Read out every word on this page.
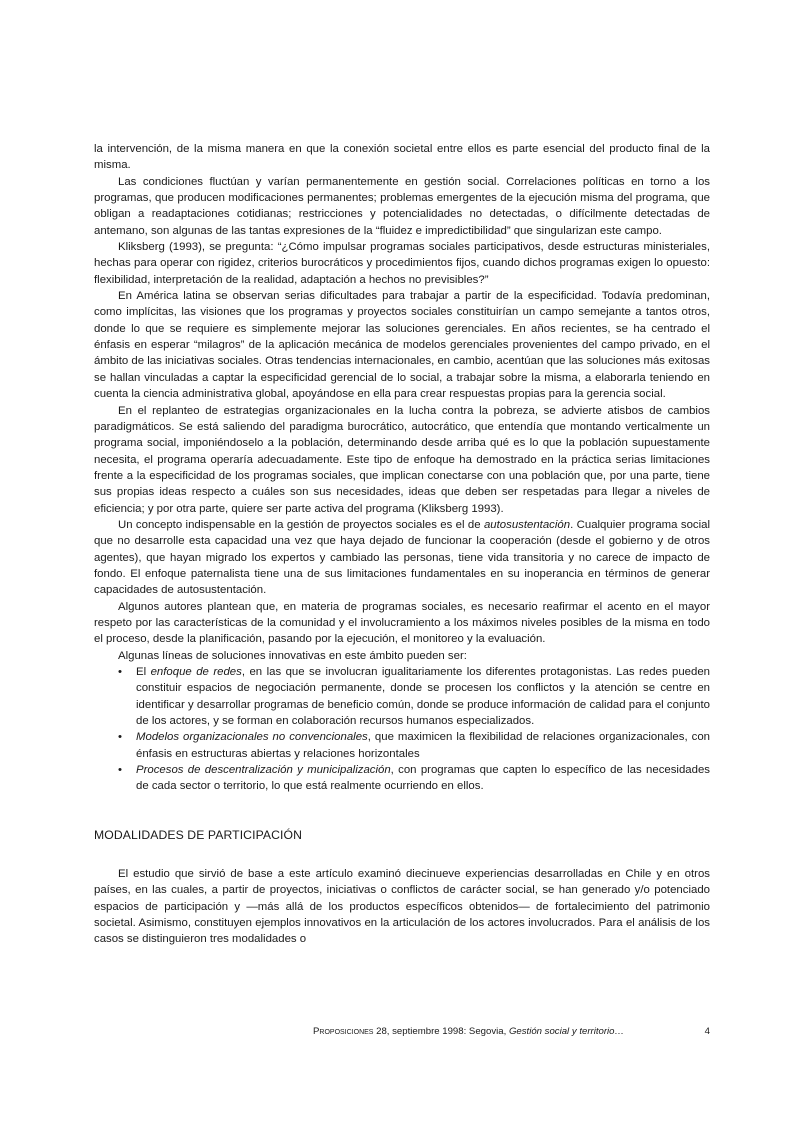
la intervención, de la misma manera en que la conexión societal entre ellos es parte esencial del producto final de la misma.

Las condiciones fluctúan y varían permanentemente en gestión social. Correlaciones políticas en torno a los programas, que producen modificaciones permanentes; problemas emergentes de la ejecución misma del programa, que obligan a readaptaciones cotidianas; restricciones y potencialidades no detectadas, o difícilmente detectadas de antemano, son algunas de las tantas expresiones de la “fluidez e impredictibilidad” que singularizan este campo.

Kliksberg (1993), se pregunta: “¿Cómo impulsar programas sociales participativos, desde estructuras ministeriales, hechas para operar con rigidez, criterios burocráticos y procedimientos fijos, cuando dichos programas exigen lo opuesto: flexibilidad, interpretación de la realidad, adaptación a hechos no previsibles?”

En América latina se observan serias dificultades para trabajar a partir de la especificidad. Todavía predominan, como implícitas, las visiones que los programas y proyectos sociales constituirían un campo semejante a tantos otros, donde lo que se requiere es simplemente mejorar las soluciones gerenciales. En años recientes, se ha centrado el énfasis en esperar “milagros” de la aplicación mecánica de modelos gerenciales provenientes del campo privado, en el ámbito de las iniciativas sociales. Otras tendencias internacionales, en cambio, acentúan que las soluciones más exitosas se hallan vinculadas a captar la especificidad gerencial de lo social, a trabajar sobre la misma, a elaborarla teniendo en cuenta la ciencia administrativa global, apoyándose en ella para crear respuestas propias para la gerencia social.

En el replanteo de estrategias organizacionales en la lucha contra la pobreza, se advierte atisbos de cambios paradigmáticos. Se está saliendo del paradigma burocrático, autocrático, que entendía que montando verticalmente un programa social, imponiéndoselo a la población, determinando desde arriba qué es lo que la población supuestamente necesita, el programa operaría adecuadamente. Este tipo de enfoque ha demostrado en la práctica serias limitaciones frente a la especificidad de los programas sociales, que implican conectarse con una población que, por una parte, tiene sus propias ideas respecto a cuáles son sus necesidades, ideas que deben ser respetadas para llegar a niveles de eficiencia; y por otra parte, quiere ser parte activa del programa (Kliksberg 1993).

Un concepto indispensable en la gestión de proyectos sociales es el de autosustentación. Cualquier programa social que no desarrolle esta capacidad una vez que haya dejado de funcionar la cooperación (desde el gobierno y de otros agentes), que hayan migrado los expertos y cambiado las personas, tiene vida transitoria y no carece de impacto de fondo. El enfoque paternalista tiene una de sus limitaciones fundamentales en su inoperancia en términos de generar capacidades de autosustentación.

Algunos autores plantean que, en materia de programas sociales, es necesario reafirmar el acento en el mayor respeto por las características de la comunidad y el involucramiento a los máximos niveles posibles de la misma en todo el proceso, desde la planificación, pasando por la ejecución, el monitoreo y la evaluación.

Algunas líneas de soluciones innovativas en este ámbito pueden ser:

• El enfoque de redes, en las que se involucran igualitariamente los diferentes protagonistas. Las redes pueden constituir espacios de negociación permanente, donde se procesen los conflictos y la atención se centre en identificar y desarrollar programas de beneficio común, donde se produce información de calidad para el conjunto de los actores, y se forman en colaboración recursos humanos especializados.
• Modelos organizacionales no convencionales, que maximicen la flexibilidad de relaciones organizacionales, con énfasis en estructuras abiertas y relaciones horizontales
• Procesos de descentralización y municipalización, con programas que capten lo específico de las necesidades de cada sector o territorio, lo que está realmente ocurriendo en ellos.

MODALIDADES DE PARTICIPACIÓN

El estudio que sirvió de base a este artículo examinó diecinueve experiencias desarrolladas en Chile y en otros países, en las cuales, a partir de proyectos, iniciativas o conflictos de carácter social, se han generado y/o potenciado espacios de participación y —más allá de los productos específicos obtenidos— de fortalecimiento del patrimonio societal. Asimismo, constituyen ejemplos innovativos en la articulación de los actores involucrados. Para el análisis de los casos se distinguieron tres modalidades o

Proposiciones 28, septiembre 1998: Segovia, Gestión social y territorio…	4
